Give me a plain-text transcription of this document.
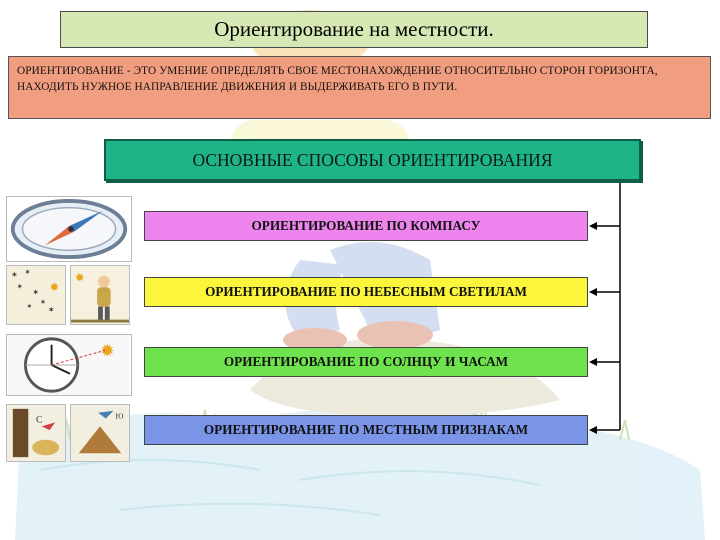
✶ ✶
✶
✶
✶
✶
✶
✹
✹
✹
C	Ю
Ориентирование на местности.
ОРИЕНТИРОВАНИЕ - ЭТО УМЕНИЕ ОПРЕДЕЛЯТЬ СВОЕ МЕСТОНАХОЖДЕНИЕ ОТНОСИТЕЛЬНО СТОРОН ГОРИЗОНТА, НАХОДИТЬ НУЖНОЕ НАПРАВЛЕНИЕ ДВИЖЕНИЯ И ВЫДЕРЖИВАТЬ ЕГО В ПУТИ.
ОСНОВНЫЕ СПОСОБЫ ОРИЕНТИРОВАНИЯ
ОРИЕНТИРОВАНИЕ ПО КОМПАСУ
ОРИЕНТИРОВАНИЕ ПО НЕБЕСНЫМ СВЕТИЛАМ
ОРИЕНТИРОВАНИЕ ПО СОЛНЦУ И ЧАСАМ
ОРИЕНТИРОВАНИЕ ПО МЕСТНЫМ ПРИЗНАКАМ
